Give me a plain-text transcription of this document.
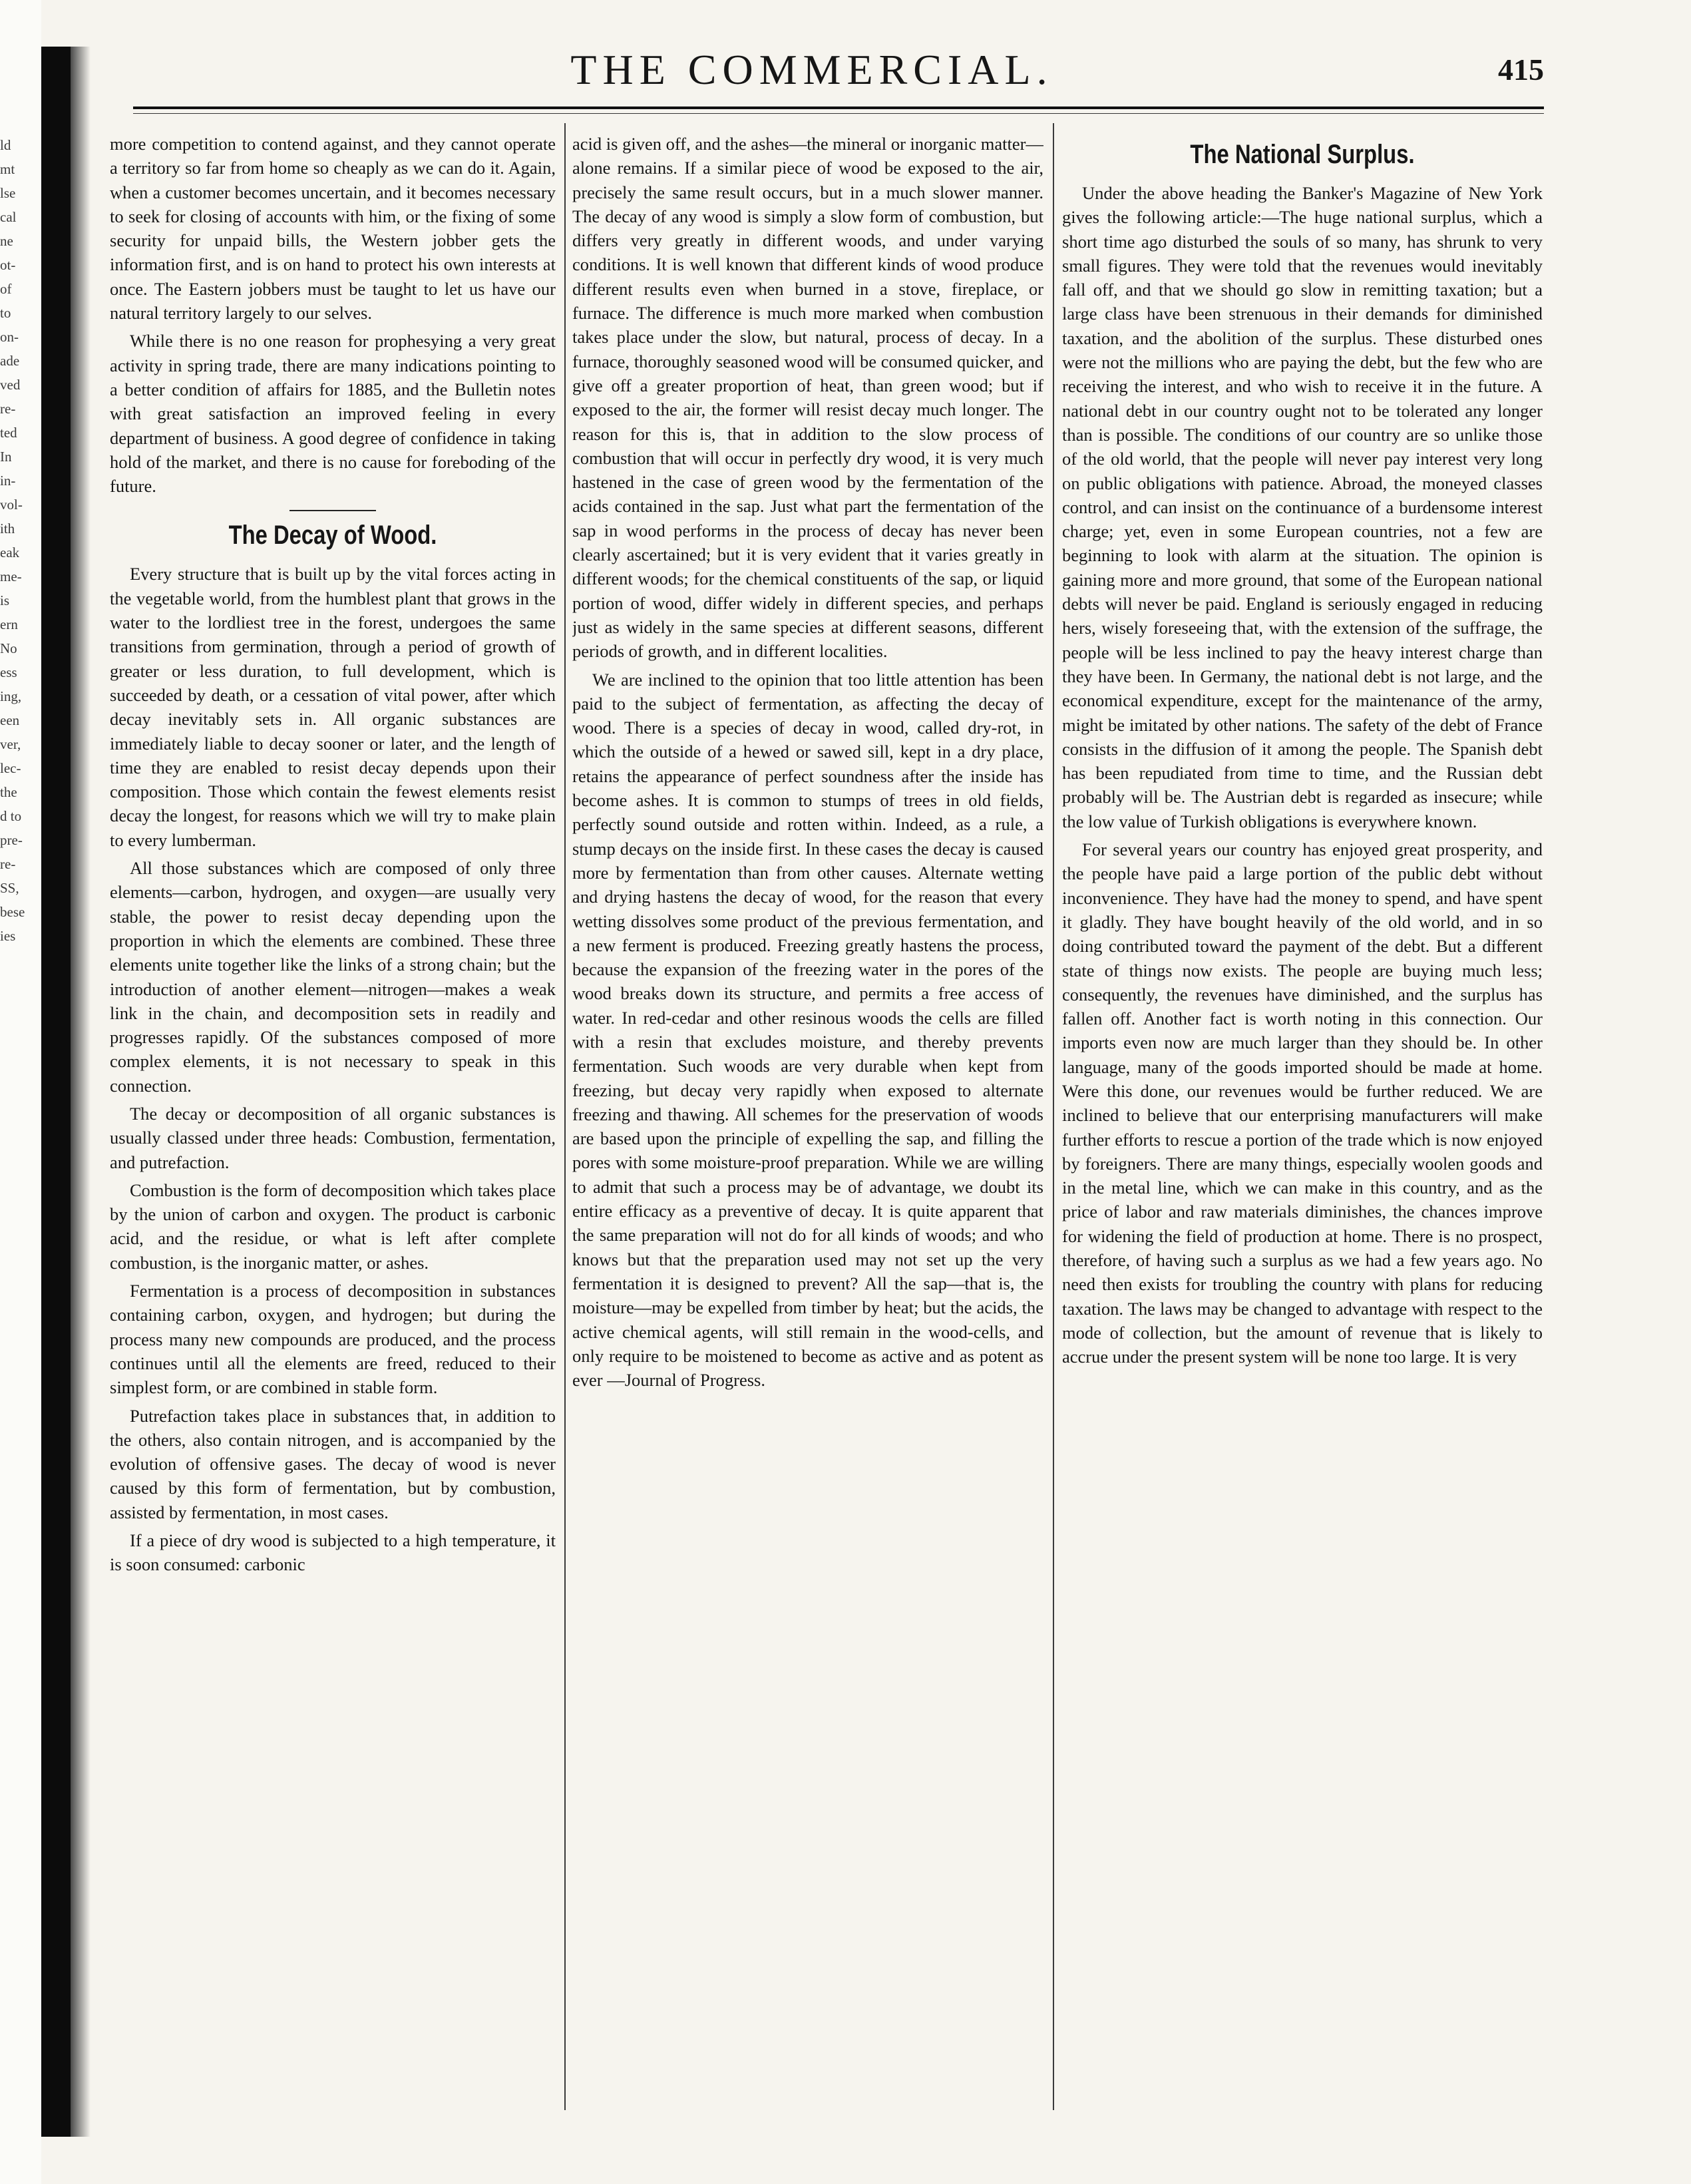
ld
mt
lse
cal
ne
ot-
of
to
on-
ade
ved
re-
ted
In
in-
vol-
ith
eak
me-
is
ern
No
ess
ing,
een
ver,
lec-
the
d to
pre-
re-
SS,
bese
ies
THE COMMERCIAL.	415

more competition to contend against, and they cannot operate a territory so far from home so cheaply as we can do it. Again, when a customer becomes uncertain, and it becomes necessary to seek for closing of accounts with him, or the fixing of some security for unpaid bills, the Western jobber gets the information first, and is on hand to protect his own interests at once. The Eastern jobbers must be taught to let us have our natural territory largely to our selves.

While there is no one reason for prophesying a very great activity in spring trade, there are many indications pointing to a better condition of affairs for 1885, and the Bulletin notes with great satisfaction an improved feeling in every department of business. A good degree of confidence in taking hold of the market, and there is no cause for foreboding of the future.

The Decay of Wood.

Every structure that is built up by the vital forces acting in the vegetable world, from the humblest plant that grows in the water to the lordliest tree in the forest, undergoes the same transitions from germination, through a period of growth of greater or less duration, to full development, which is succeeded by death, or a cessation of vital power, after which decay inevitably sets in. All organic substances are immediately liable to decay sooner or later, and the length of time they are enabled to resist decay depends upon their composition. Those which contain the fewest elements resist decay the longest, for reasons which we will try to make plain to every lumberman.

All those substances which are composed of only three elements—carbon, hydrogen, and oxygen—are usually very stable, the power to resist decay depending upon the proportion in which the elements are combined. These three elements unite together like the links of a strong chain; but the introduction of another element—nitrogen—makes a weak link in the chain, and decomposition sets in readily and progresses rapidly. Of the substances composed of more complex elements, it is not necessary to speak in this connection.

The decay or decomposition of all organic substances is usually classed under three heads: Combustion, fermentation, and putrefaction.

Combustion is the form of decomposition which takes place by the union of carbon and oxygen. The product is carbonic acid, and the residue, or what is left after complete combustion, is the inorganic matter, or ashes.

Fermentation is a process of decomposition in substances containing carbon, oxygen, and hydrogen; but during the process many new compounds are produced, and the process continues until all the elements are freed, reduced to their simplest form, or are combined in stable form.

Putrefaction takes place in substances that, in addition to the others, also contain nitrogen, and is accompanied by the evolution of offensive gases. The decay of wood is never caused by this form of fermentation, but by combustion, assisted by fermentation, in most cases.

If a piece of dry wood is subjected to a high temperature, it is soon consumed: carbonic

acid is given off, and the ashes—the mineral or inorganic matter—alone remains. If a similar piece of wood be exposed to the air, precisely the same result occurs, but in a much slower manner. The decay of any wood is simply a slow form of combustion, but differs very greatly in different woods, and under varying conditions. It is well known that different kinds of wood produce different results even when burned in a stove, fireplace, or furnace. The difference is much more marked when combustion takes place under the slow, but natural, process of decay. In a furnace, thoroughly seasoned wood will be consumed quicker, and give off a greater proportion of heat, than green wood; but if exposed to the air, the former will resist decay much longer. The reason for this is, that in addition to the slow process of combustion that will occur in perfectly dry wood, it is very much hastened in the case of green wood by the fermentation of the acids contained in the sap. Just what part the fermentation of the sap in wood performs in the process of decay has never been clearly ascertained; but it is very evident that it varies greatly in different woods; for the chemical constituents of the sap, or liquid portion of wood, differ widely in different species, and perhaps just as widely in the same species at different seasons, different periods of growth, and in different localities.

We are inclined to the opinion that too little attention has been paid to the subject of fermentation, as affecting the decay of wood. There is a species of decay in wood, called dry-rot, in which the outside of a hewed or sawed sill, kept in a dry place, retains the appearance of perfect soundness after the inside has become ashes. It is common to stumps of trees in old fields, perfectly sound outside and rotten within. Indeed, as a rule, a stump decays on the inside first. In these cases the decay is caused more by fermentation than from other causes. Alternate wetting and drying hastens the decay of wood, for the reason that every wetting dissolves some product of the previous fermentation, and a new ferment is produced. Freezing greatly hastens the process, because the expansion of the freezing water in the pores of the wood breaks down its structure, and permits a free access of water. In red-cedar and other resinous woods the cells are filled with a resin that excludes moisture, and thereby prevents fermentation. Such woods are very durable when kept from freezing, but decay very rapidly when exposed to alternate freezing and thawing. All schemes for the preservation of woods are based upon the principle of expelling the sap, and filling the pores with some moisture-proof preparation. While we are willing to admit that such a process may be of advantage, we doubt its entire efficacy as a preventive of decay. It is quite apparent that the same preparation will not do for all kinds of woods; and who knows but that the preparation used may not set up the very fermentation it is designed to prevent? All the sap—that is, the moisture—may be expelled from timber by heat; but the acids, the active chemical agents, will still remain in the wood-cells, and only require to be moistened to become as active and as potent as ever —Journal of Progress.

The National Surplus.

Under the above heading the Banker's Magazine of New York gives the following article:—The huge national surplus, which a short time ago disturbed the souls of so many, has shrunk to very small figures. They were told that the revenues would inevitably fall off, and that we should go slow in remitting taxation; but a large class have been strenuous in their demands for diminished taxation, and the abolition of the surplus. These disturbed ones were not the millions who are paying the debt, but the few who are receiving the interest, and who wish to receive it in the future. A national debt in our country ought not to be tolerated any longer than is possible. The conditions of our country are so unlike those of the old world, that the people will never pay interest very long on public obligations with patience. Abroad, the moneyed classes control, and can insist on the continuance of a burdensome interest charge; yet, even in some European countries, not a few are beginning to look with alarm at the situation. The opinion is gaining more and more ground, that some of the European national debts will never be paid. England is seriously engaged in reducing hers, wisely foreseeing that, with the extension of the suffrage, the people will be less inclined to pay the heavy interest charge than they have been. In Germany, the national debt is not large, and the economical expenditure, except for the maintenance of the army, might be imitated by other nations. The safety of the debt of France consists in the diffusion of it among the people. The Spanish debt has been repudiated from time to time, and the Russian debt probably will be. The Austrian debt is regarded as insecure; while the low value of Turkish obligations is everywhere known.

For several years our country has enjoyed great prosperity, and the people have paid a large portion of the public debt without inconvenience. They have had the money to spend, and have spent it gladly. They have bought heavily of the old world, and in so doing contributed toward the payment of the debt. But a different state of things now exists. The people are buying much less; consequently, the revenues have diminished, and the surplus has fallen off. Another fact is worth noting in this connection. Our imports even now are much larger than they should be. In other language, many of the goods imported should be made at home. Were this done, our revenues would be further reduced. We are inclined to believe that our enterprising manufacturers will make further efforts to rescue a portion of the trade which is now enjoyed by foreigners. There are many things, especially woolen goods and in the metal line, which we can make in this country, and as the price of labor and raw materials diminishes, the chances improve for widening the field of production at home. There is no prospect, therefore, of having such a surplus as we had a few years ago. No need then exists for troubling the country with plans for reducing taxation. The laws may be changed to advantage with respect to the mode of collection, but the amount of revenue that is likely to accrue under the present system will be none too large. It is very
